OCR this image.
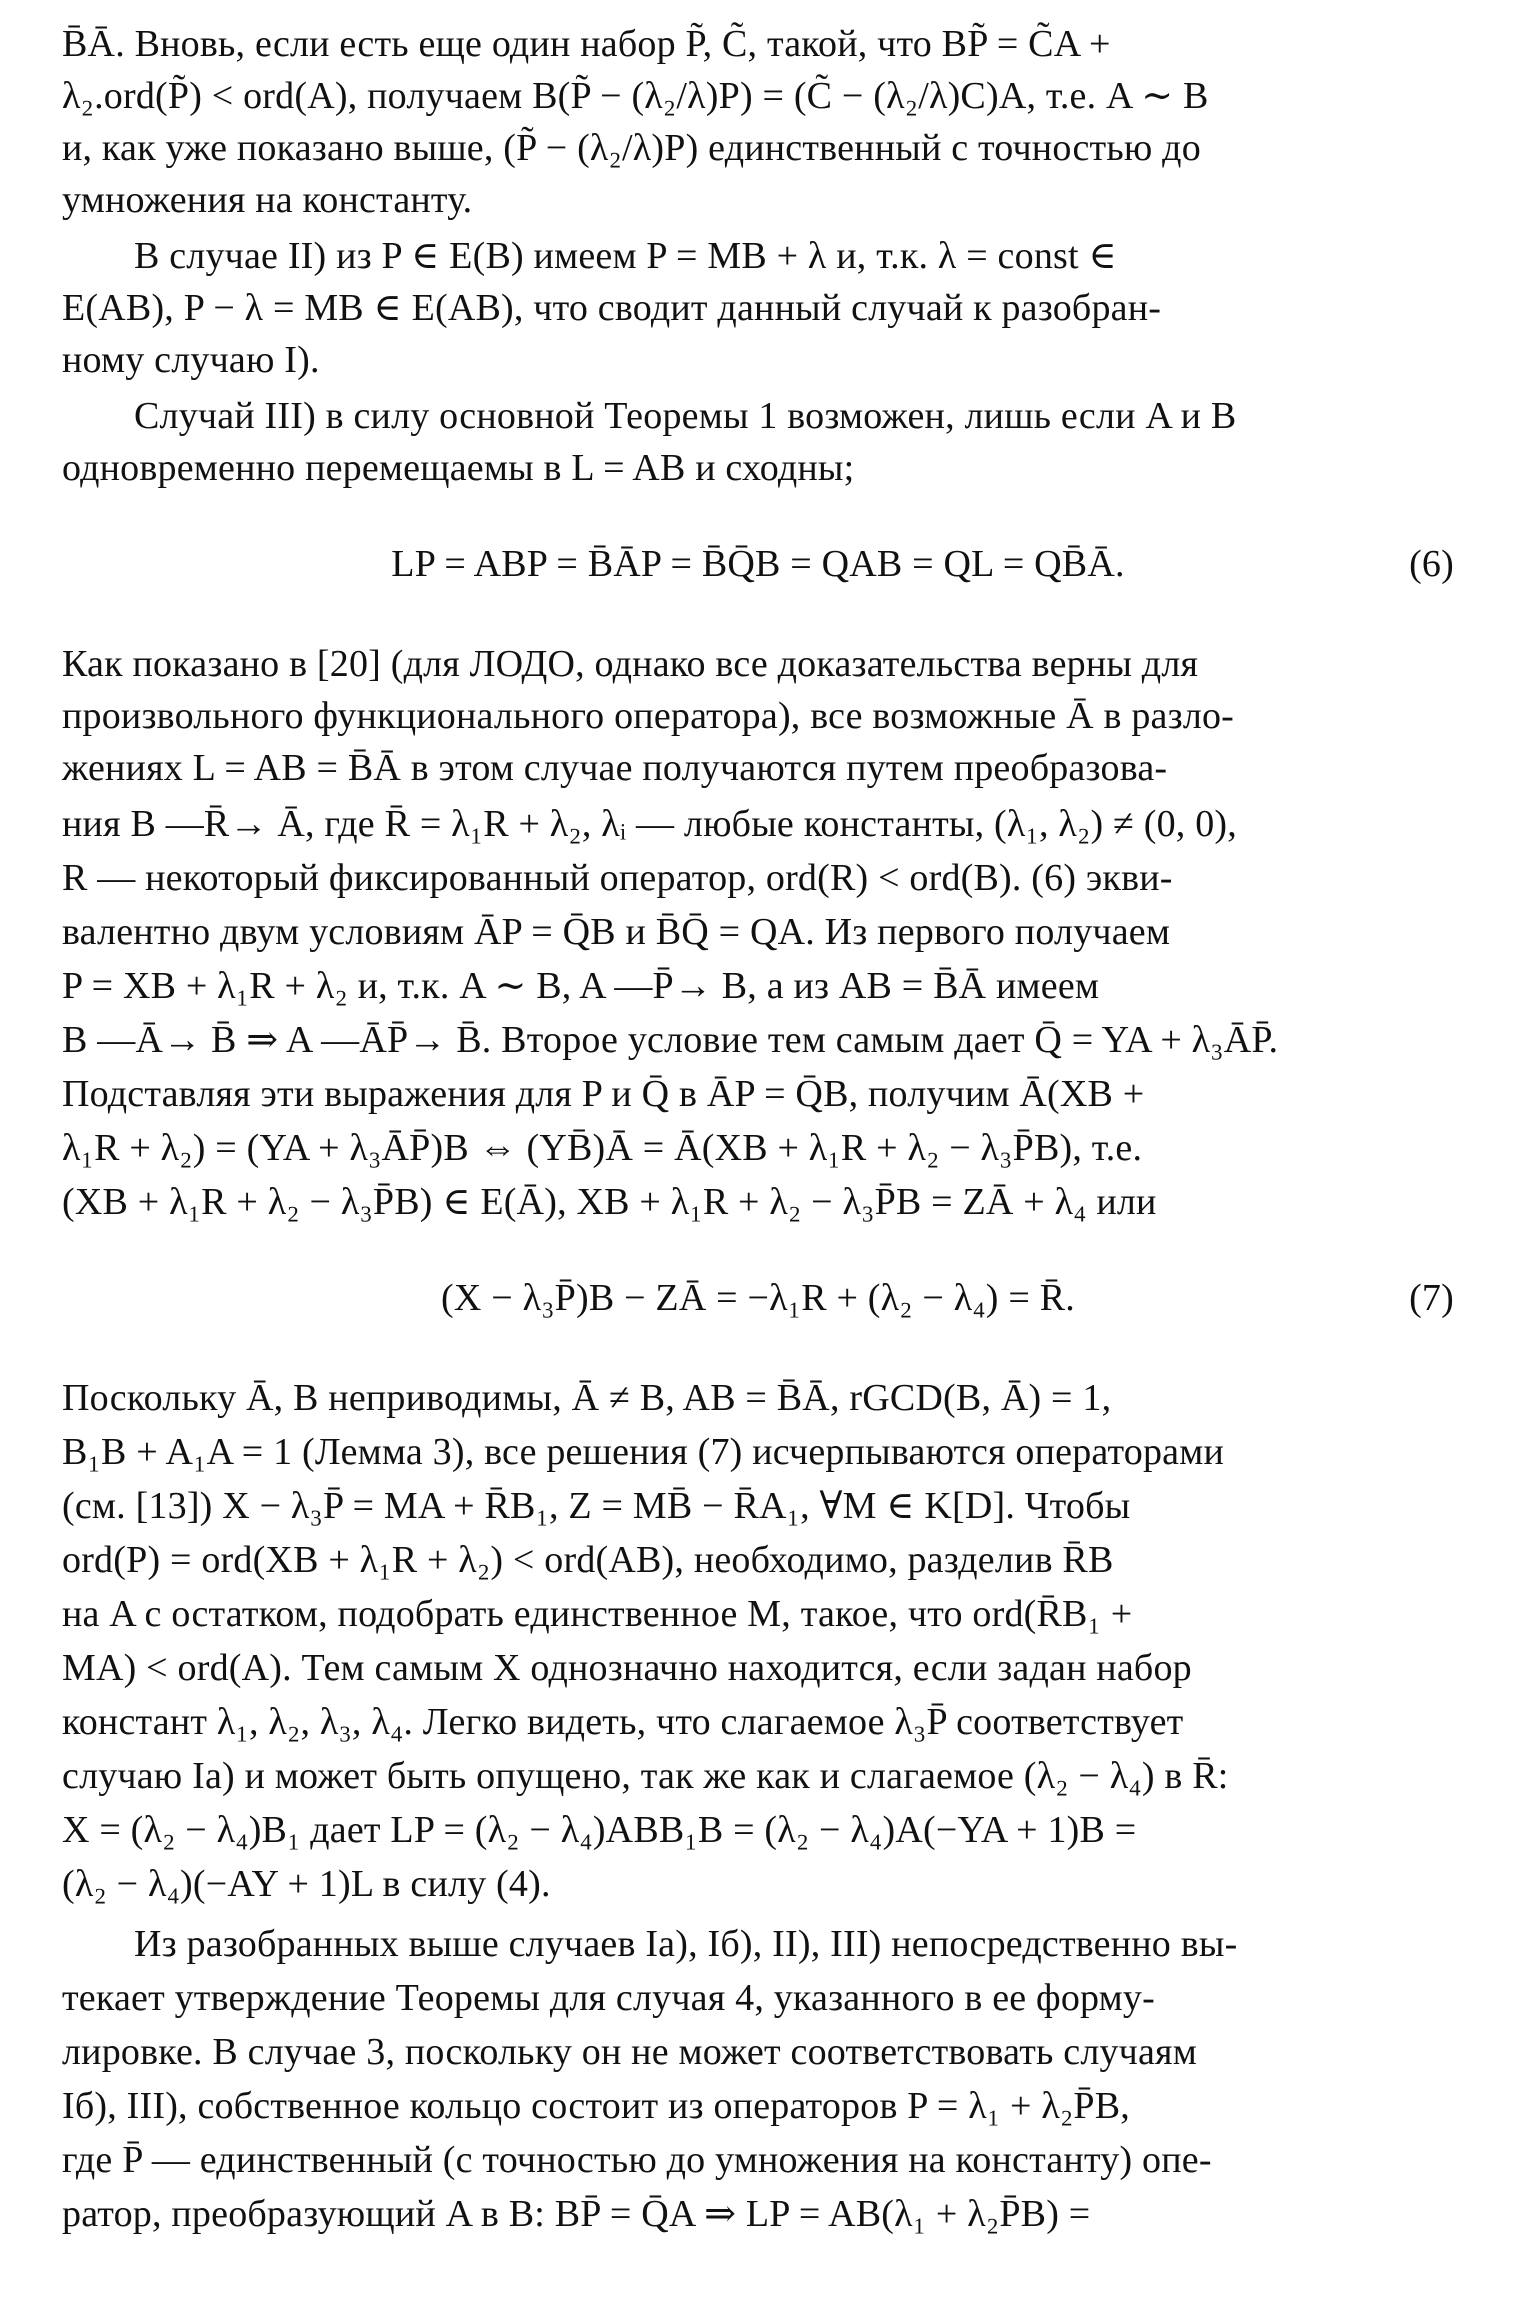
B̄Ā. Вновь, если есть еще один набор P̃, C̃, такой, что BP̃ = C̃A +
λ₂.ord(P̃) < ord(A), получаем B(P̃ − (λ₂/λ)P) = (C̃ − (λ₂/λ)C)A, т.е. A ∼ B
и, как уже показано выше, (P̃ − (λ₂/λ)P) единственный с точностью до
умножения на константу.
В случае II) из P ∈ E(B) имеем P = MB + λ и, т.к. λ = const ∈
E(AB), P − λ = MB ∈ E(AB), что сводит данный случай к разобран-
ному случаю I).
Случай III) в силу основной Теоремы 1 возможен, лишь если A и B
одновременно перемещаемы в L = AB и сходны;
LP = ABP = B̄ĀP = B̄Q̄B = QAB = QL = QB̄Ā.	(6)
Как показано в [20] (для ЛОДО, однако все доказательства верны для
произвольного функционального оператора), все возможные Ā в разло-
жениях L = AB = B̄Ā в этом случае получаются путем преобразова-
ния B —R̄→ Ā, где R̄ = λ₁R + λ₂, λᵢ — любые константы, (λ₁, λ₂) ≠ (0, 0),
R — некоторый фиксированный оператор, ord(R) < ord(B). (6) экви-
валентно двум условиям ĀP = Q̄B и B̄Q̄ = QA. Из первого получаем
P = XB + λ₁R + λ₂ и, т.к. A ∼ B, A —P̄→ B, а из AB = B̄Ā имеем
B —Ā→ B̄ ⇒ A —ĀP̄→ B̄. Второе условие тем самым дает Q̄ = YA + λ₃ĀP̄.
Подставляя эти выражения для P и Q̄ в ĀP = Q̄B, получим Ā(XB +
λ₁R + λ₂) = (YA + λ₃ĀP̄)B ⇔ (YB̄)Ā = Ā(XB + λ₁R + λ₂ − λ₃P̄B), т.е.
(XB + λ₁R + λ₂ − λ₃P̄B) ∈ E(Ā), XB + λ₁R + λ₂ − λ₃P̄B = ZĀ + λ₄ или
(X − λ₃P̄)B − ZĀ = −λ₁R + (λ₂ − λ₄) = R̄.	(7)
Поскольку Ā, B неприводимы, Ā ≠ B, AB = B̄Ā, rGCD(B, Ā) = 1,
B₁B + A₁A = 1 (Лемма 3), все решения (7) исчерпываются операторами
(см. [13]) X − λ₃P̄ = MA + R̄B₁, Z = MB̄ − R̄A₁, ∀M ∈ K[D]. Чтобы
ord(P) = ord(XB + λ₁R + λ₂) < ord(AB), необходимо, разделив R̄B
на A с остатком, подобрать единственное M, такое, что ord(R̄B₁ +
MA) < ord(A). Тем самым X однозначно находится, если задан набор
констант λ₁, λ₂, λ₃, λ₄. Легко видеть, что слагаемое λ₃P̄ соответствует
случаю Iа) и может быть опущено, так же как и слагаемое (λ₂ − λ₄) в R̄:
X = (λ₂ − λ₄)B₁ дает LP = (λ₂ − λ₄)ABB₁B = (λ₂ − λ₄)A(−YA + 1)B =
(λ₂ − λ₄)(−AY + 1)L в силу (4).
Из разобранных выше случаев Iа), Iб), II), III) непосредственно вы-
текает утверждение Теоремы для случая 4, указанного в ее форму-
лировке. В случае 3, поскольку он не может соответствовать случаям
Iб), III), собственное кольцо состоит из операторов P = λ₁ + λ₂P̄B,
где P̄ — единственный (с точностью до умножения на константу) опе-
ратор, преобразующий A в B: BP̄ = Q̄A ⇒ LP = AB(λ₁ + λ₂P̄B) =
